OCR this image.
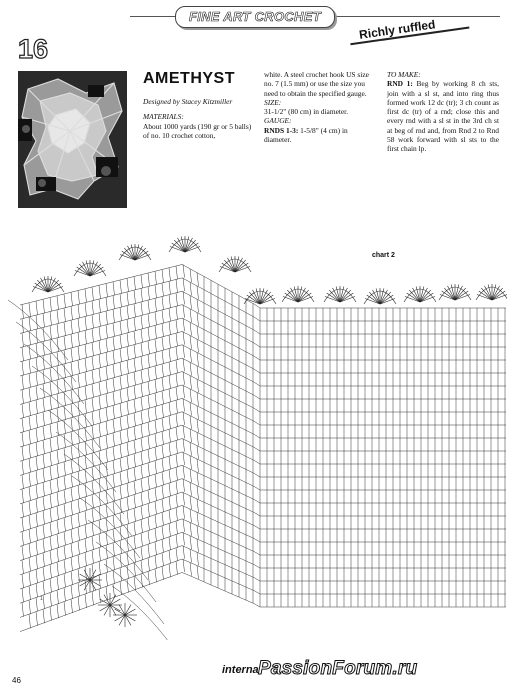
FINE ART CROCHET
16
Richly ruffled
AMETHYST
Designed by Stacey Kitzmiller
MATERIALS:
About 1000 yards (190 gr or 5 balls) of no. 10 crochet cotton,
white. A steel crochet hook US size no. 7 (1.5 mm) or use the size you need to obtain the specified gauge.
SIZE:
31-1/2" (80 cm) in diameter.
GAUGE:
RNDS 1-3: 1-5/8" (4 cm) in diameter.
TO MAKE:
RND 1: Beg by working 8 ch sts, join with a sl st, and into ring thus formed work 12 dc (tr); 3 ch count as first dc (tr) of a rnd; close this and every rnd with a sl st in the 3rd ch st at beg of rnd and, from Rnd 2 to Rnd 58 work forward with sl sts to the first chain lp.
chart 2
1
46
interna PassionForum.ru
